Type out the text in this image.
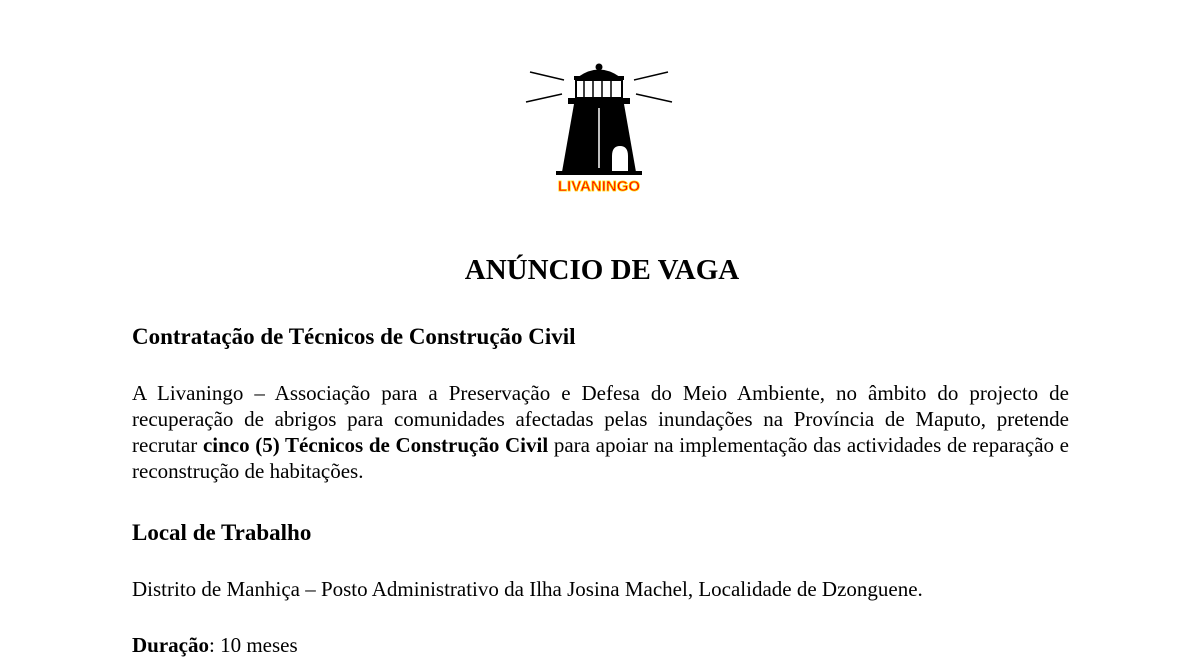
LIVANINGO
ANÚNCIO DE VAGA
Contratação de Técnicos de Construção Civil

A Livaningo – Associação para a Preservação e Defesa do Meio Ambiente, no âmbito do projecto de recuperação de abrigos para comunidades afectadas pelas inundações na Província de Maputo, pretende recrutar cinco (5) Técnicos de Construção Civil para apoiar na implementação das actividades de reparação e reconstrução de habitações.

Local de Trabalho

Distrito de Manhiça – Posto Administrativo da Ilha Josina Machel, Localidade de Dzonguene.

Duração: 10 meses
